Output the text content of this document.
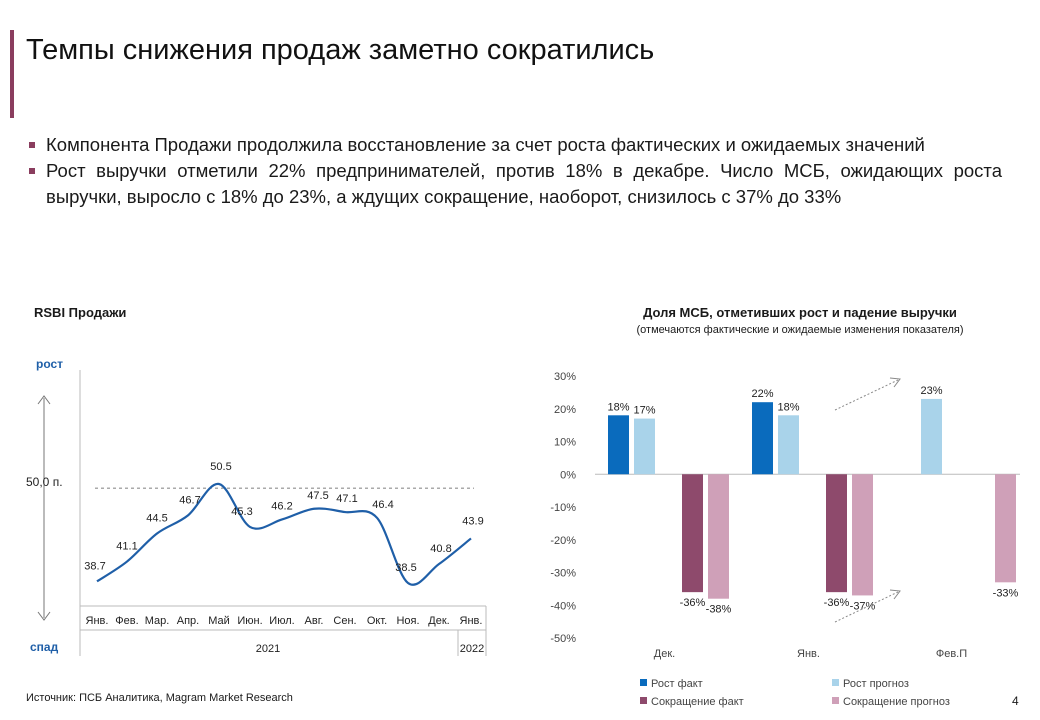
Темпы снижения продаж заметно сократились
Компонента Продажи продолжила восстановление за счет роста фактических и ожидаемых значений
Рост выручки отметили 22% предпринимателей, против 18% в декабре. Число МСБ, ожидающих роста выручки, выросло с 18% до 23%, а ждущих сокращение, наоборот, снизилось с 37% до 33%
RSBI Продажи	Доля МСБ, отметивших рост и падение выручки
(отмечаются фактические и ожидаемые изменения показателя)
рост
спад
50,0 п.
Янв. Фев. Мар. Апр. Май Июн. Июл. Авг. Сен. Окт. Ноя. Дек. Янв.
2021	2022
38.7
41.1
44.5
46.7
50.5
45.3 46.2
47.5 47.1 46.4
38.5
40.8
43.9
30%
20%
10%
0%
-10%
-20%
-30%
-40%
-50%
Дек.	Янв.	Фев.П
18%
22%
17%	18%
23%
-36%	-36%
-38%	-37%
-33%
Рост факт	Рост прогноз
Сокращение факт	Сокращение прогноз
Источник: ПСБ Аналитика, Magram Market Research	4
